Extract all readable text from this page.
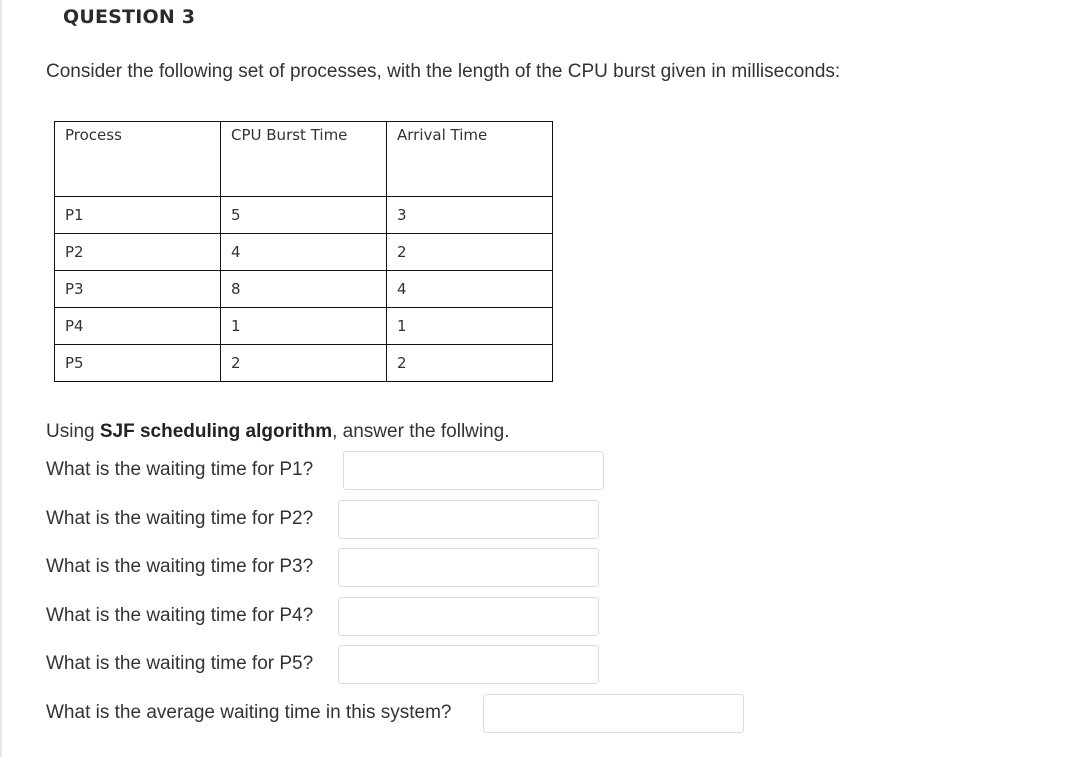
QUESTION 3
Consider the following set of processes, with the length of the CPU burst given in milliseconds:
Process	CPU Burst Time	Arrival Time
P1	5	3
P2	4	2
P3	8	4
P4	1	1
P5	2	2
Using SJF scheduling algorithm, answer the follwing.
What is the waiting time for P1?
What is the waiting time for P2?
What is the waiting time for P3?
What is the waiting time for P4?
What is the waiting time for P5?
What is the average waiting time in this system?
